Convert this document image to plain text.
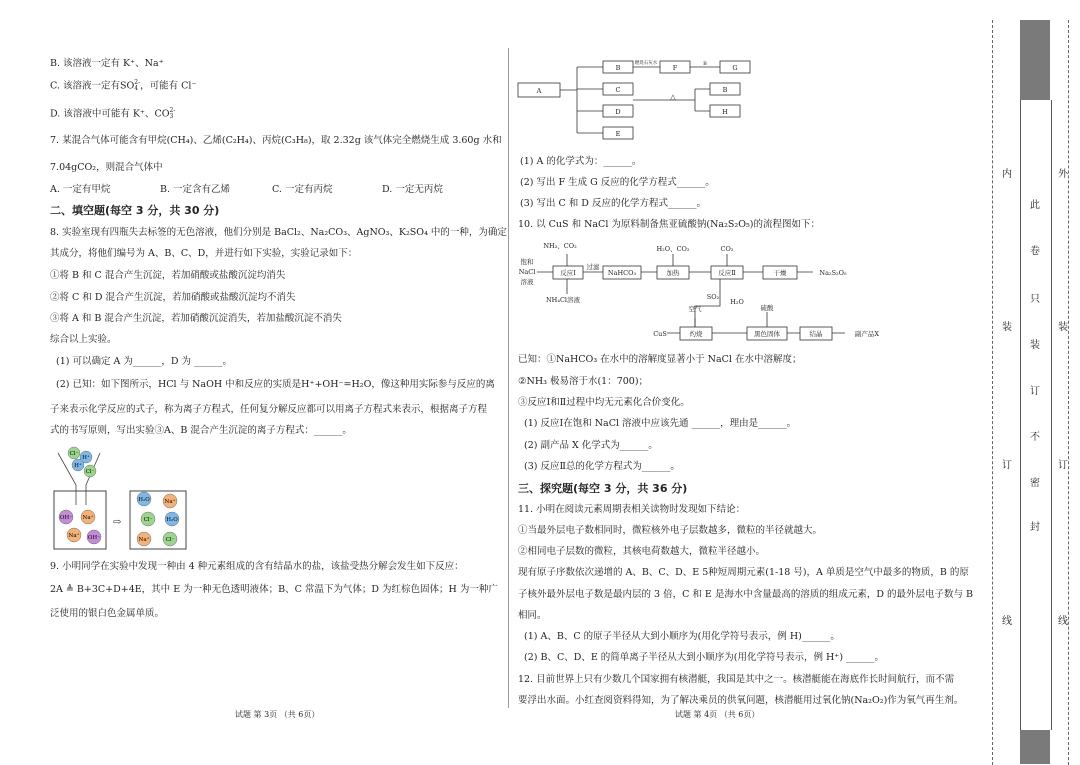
B. 该溶液一定有 K⁺、Na⁺
C. 该溶液一定有SO 2-
4 ，可能有 Cl⁻
D. 该溶液中可能有 K⁺、CO 2-
3
7. 某混合气体可能含有甲烷(CH₄)、乙烯(C₂H₄)、丙烷(C₃H₈)，取 2.32g 该气体完全燃烧生成 3.60g 水和
7.04gCO₂，则混合气体中
A. 一定有甲烷	B. 一定含有乙烯	C. 一定有丙烷	D. 一定无丙烷
二、填空题(每空 3 分，共 30 分)
8. 实验室现有四瓶失去标签的无色溶液，他们分别是 BaCl₂、Na₂CO₃、AgNO₃、K₂SO₄ 中的一种，为确定
其成分，将他们编号为 A、B、C、D，并进行如下实验，实验记录如下：
①将 B 和 C 混合产生沉淀，若加硝酸或盐酸沉淀均消失
②将 C 和 D 混合产生沉淀，若加硝酸或盐酸沉淀均不消失
③将 A 和 B 混合产生沉淀，若加硝酸沉淀消失，若加盐酸沉淀不消失
综合以上实验。
(1) 可以确定 A 为______，D 为 ______。
(2) 已知：如下图所示，HCl 与 NaOH 中和反应的实质是H⁺+OH⁻=H₂O，像这种用实际参与反应的离
子来表示化学反应的式子，称为离子方程式，任何复分解反应都可以用离子方程式来表示，根据离子方程
式的书写原则，写出实验③A、B 混合产生沉淀的离子方程式：______。
⇨
Cl⁻
H⁺
H⁺
Cl⁻
OH⁻ Na⁺
Na⁺ OH⁻
H₂O	Na⁺
Cl⁻	H₂O
Na⁺	Cl⁻
9. 小明同学在实验中发现一种由 4 种元素组成的含有结晶水的盐，该盐受热分解会发生如下反应：
2A ≜ B+3C+D+4E，其中 E 为一种无色透明液体；B、C 常温下为气体；D 为红棕色固体；H 为一种广
泛使用的银白色金属单质。
试题 第 3页 （共 6页）
A
B	F	G
C
D
E
B
H
燃烧石灰水	B
△
(1) A 的化学式为：______。
(2) 写出 F 生成 G 反应的化学方程式______。
(3) 写出 C 和 D 反应的化学方程式______。
10. 以 CuS 和 NaCl 为原料制备焦亚硫酸钠(Na₂S₂O₅)的流程图如下：
NH₃、CO₂
饱和
NaCl
溶液
反应Ⅰ
过滤
NaHCO₃	加热
H₂O、CO₂	CO₂
反应Ⅱ	干燥	Na₂S₂O₅
NH₄Cl溶液	SO₂
H₂O
空气	硫酸
CuS	灼烧	黑色固体	结晶	副产品X
已知：①NaHCO₃ 在水中的溶解度显著小于 NaCl 在水中溶解度；
②NH₃ 极易溶于水(1：700)；
③反应Ⅰ和Ⅱ过程中均无元素化合价变化。
(1) 反应Ⅰ在饱和 NaCl 溶液中应该先通 ______，理由是______。
(2) 副产品 X 化学式为______。
(3) 反应Ⅱ总的化学方程式为______。
三、探究题(每空 3 分，共 36 分)
11. 小明在阅读元素周期表相关读物时发现如下结论：
①当最外层电子数相同时，微粒核外电子层数越多，微粒的半径就越大。
②相同电子层数的微粒，其核电荷数越大，微粒半径越小。
现有原子序数依次递增的 A、B、C、D、E 5种短周期元素(1-18 号)，A 单质是空气中最多的物质，B 的原
子核外最外层电子数是最内层的 3 倍，C 和 E 是海水中含量最高的溶质的组成元素，D 的最外层电子数与 B
相同。
(1) A、B、C 的原子半径从大到小顺序为(用化学符号表示，例 H)______。
(2) B、C、D、E 的简单离子半径从大到小顺序为(用化学符号表示，例 H⁺) ______。
12. 目前世界上只有少数几个国家拥有核潜艇，我国是其中之一。核潜艇能在海底作长时间航行，而不需
要浮出水面。小红查阅资料得知，为了解决乘员的供氧问题，核潜艇用过氧化钠(Na₂O₂)作为氧气再生剂。
试题 第 4页 （共 6页）
内
装
订
线
此
卷
只
装
订
不
密
封
外
装
订
线
